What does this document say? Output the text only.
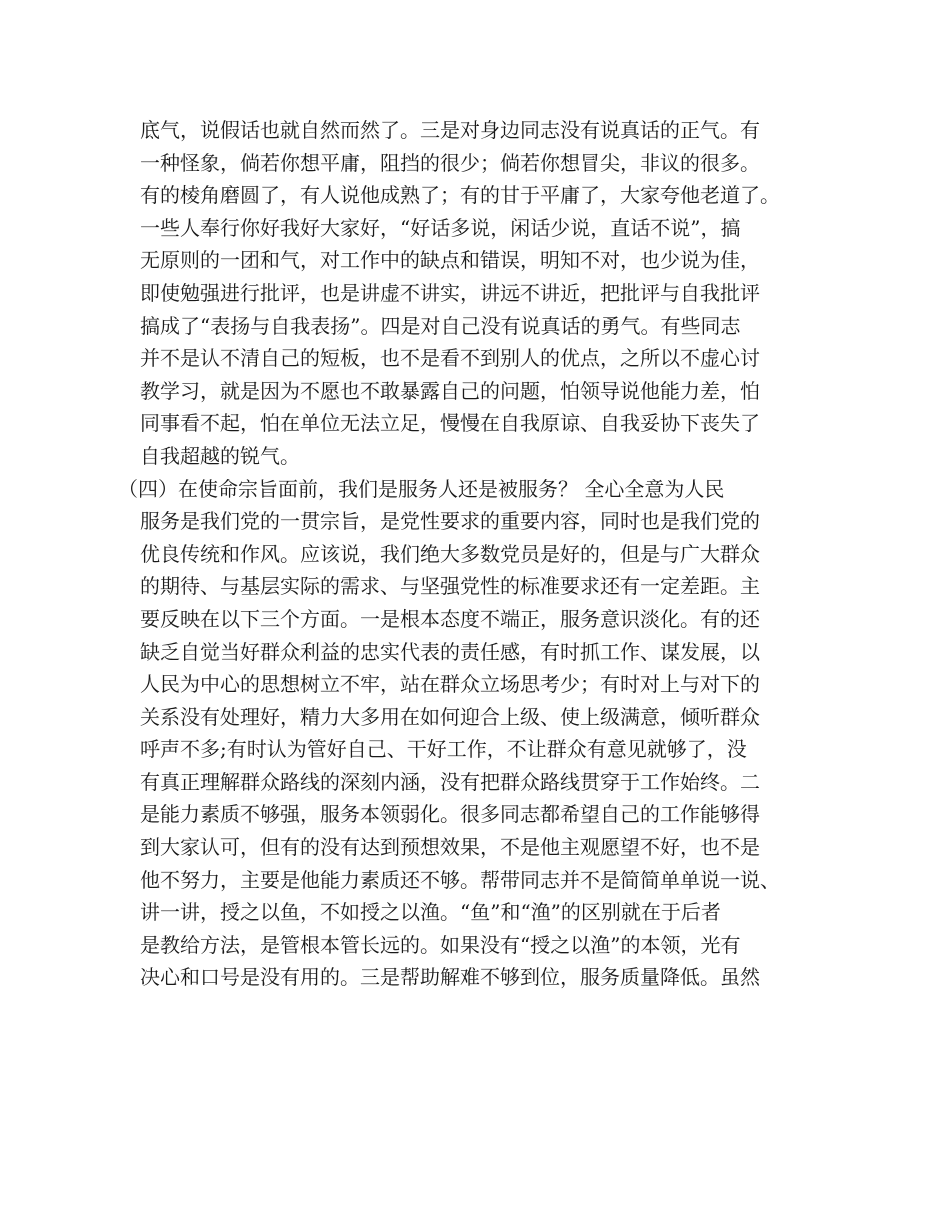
底气，说假话也就自然而然了。三是对身边同志没有说真话的正气。有
一种怪象，倘若你想平庸，阻挡的很少；倘若你想冒尖，非议的很多。
有的棱角磨圆了，有人说他成熟了；有的甘于平庸了，大家夸他老道了。
一些人奉行你好我好大家好，“好话多说，闲话少说，直话不说”，搞
无原则的一团和气，对工作中的缺点和错误，明知不对，也少说为佳，
即使勉强进行批评，也是讲虚不讲实，讲远不讲近，把批评与自我批评
搞成了“表扬与自我表扬”。四是对自己没有说真话的勇气。有些同志
并不是认不清自己的短板，也不是看不到别人的优点，之所以不虚心讨
教学习，就是因为不愿也不敢暴露自己的问题，怕领导说他能力差，怕
同事看不起，怕在单位无法立足，慢慢在自我原谅、自我妥协下丧失了
自我超越的锐气。
（四）在使命宗旨面前，我们是服务人还是被服务？ 全心全意为人民
服务是我们党的一贯宗旨，是党性要求的重要内容，同时也是我们党的
优良传统和作风。应该说，我们绝大多数党员是好的，但是与广大群众
的期待、与基层实际的需求、与坚强党性的标准要求还有一定差距。主
要反映在以下三个方面。一是根本态度不端正，服务意识淡化。有的还
缺乏自觉当好群众利益的忠实代表的责任感，有时抓工作、谋发展，以
人民为中心的思想树立不牢，站在群众立场思考少；有时对上与对下的
关系没有处理好，精力大多用在如何迎合上级、使上级满意，倾听群众
呼声不多;有时认为管好自己、干好工作，不让群众有意见就够了，没
有真正理解群众路线的深刻内涵，没有把群众路线贯穿于工作始终。二
是能力素质不够强，服务本领弱化。很多同志都希望自己的工作能够得
到大家认可，但有的没有达到预想效果，不是他主观愿望不好，也不是
他不努力，主要是他能力素质还不够。帮带同志并不是简简单单说一说、
讲一讲，授之以鱼，不如授之以渔。“鱼”和“渔”的区别就在于后者
是教给方法，是管根本管长远的。如果没有“授之以渔”的本领，光有
决心和口号是没有用的。三是帮助解难不够到位，服务质量降低。虽然
